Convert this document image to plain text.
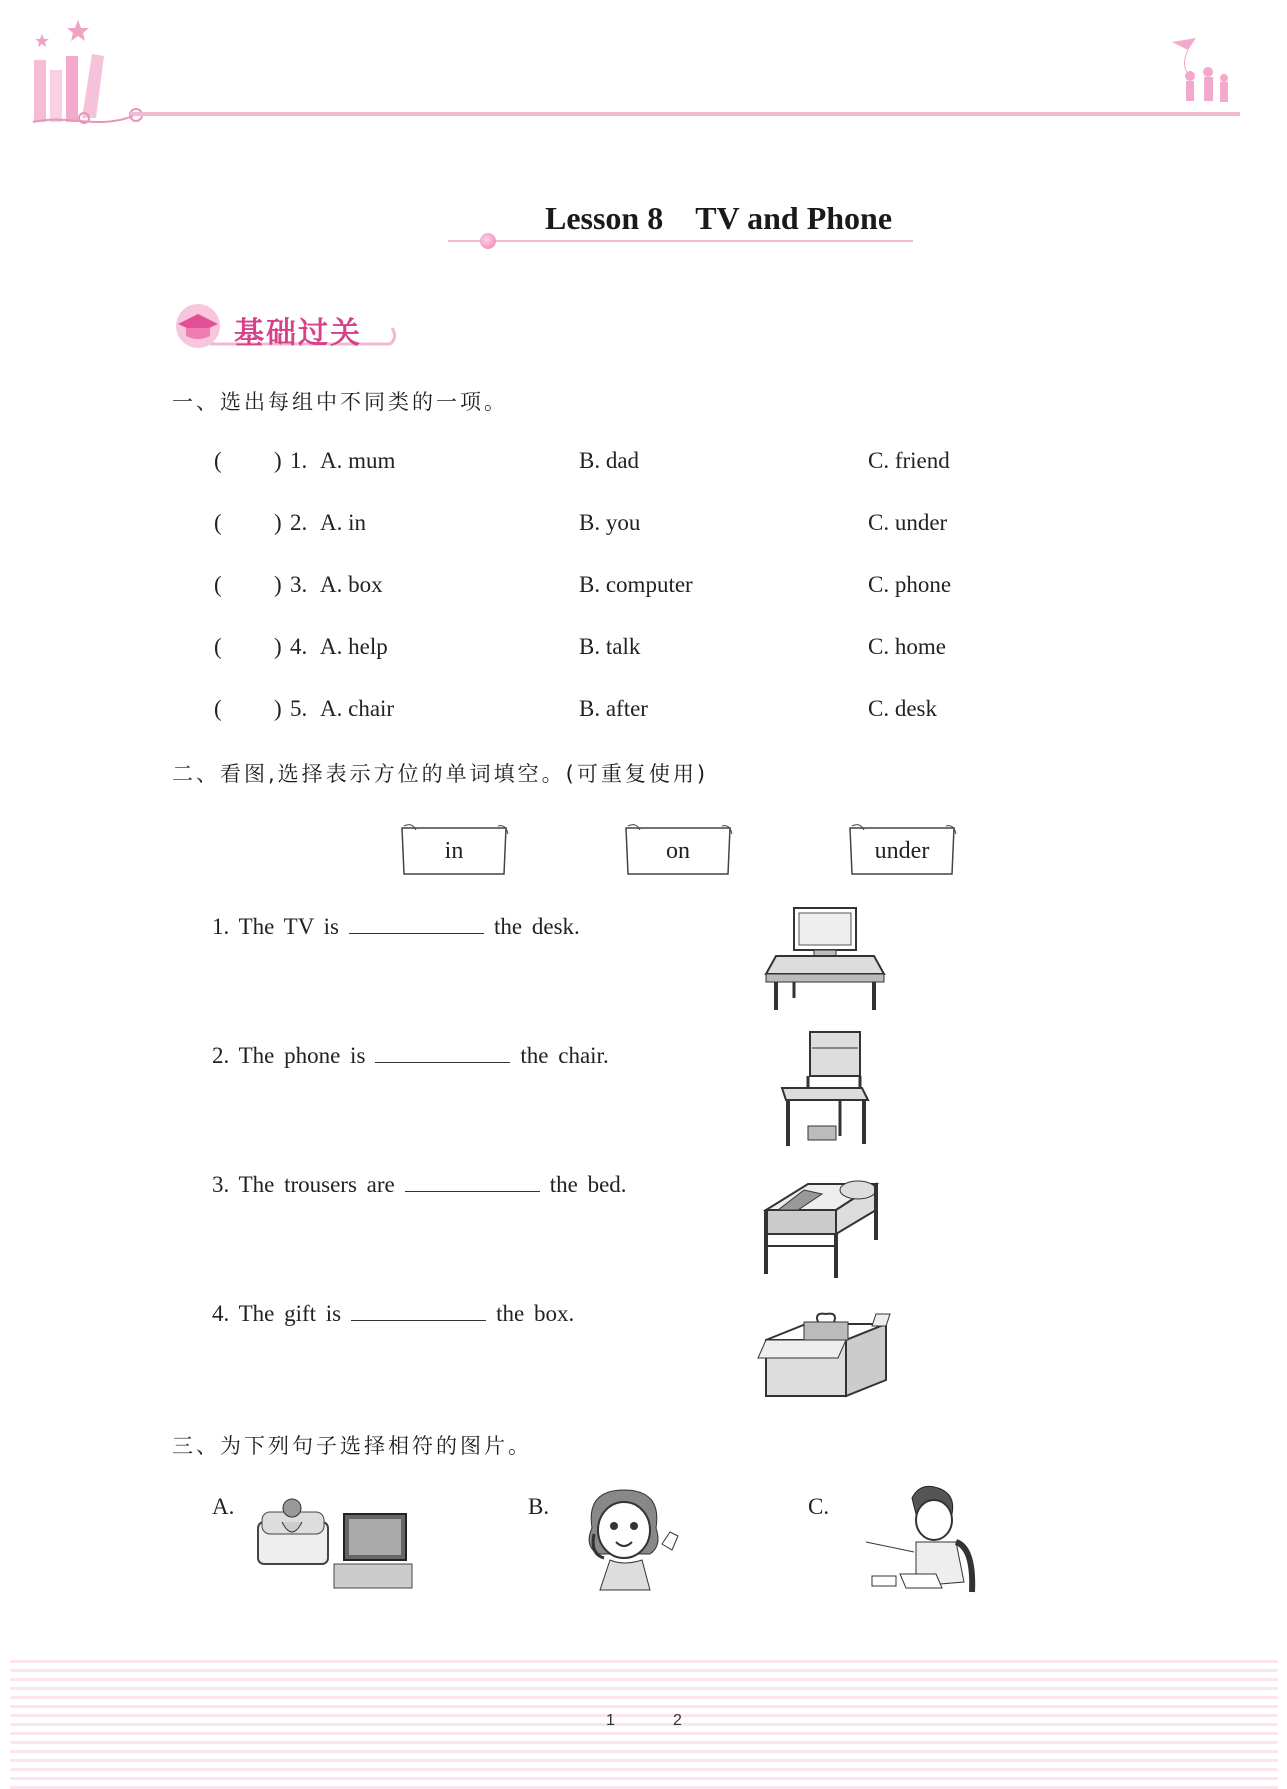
Lesson 8 TV and Phone
基础过关
一、选出每组中不同类的一项。
( ) 1. A. mum	B. dad	C. friend
( ) 2. A. in	B. you	C. under
( ) 3. A. box	B. computer	C. phone
( ) 4. A. help	B. talk	C. home
( ) 5. A. chair	B. after	C. desk
二、看图,选择表示方位的单词填空。(可重复使用)
in	on	under
1. The TV is	the desk.
2. The phone is	the chair.
3. The trousers are	the bed.
4. The gift is	the box.
三、为下列句子选择相符的图片。
A.	B.	C.
1	2
